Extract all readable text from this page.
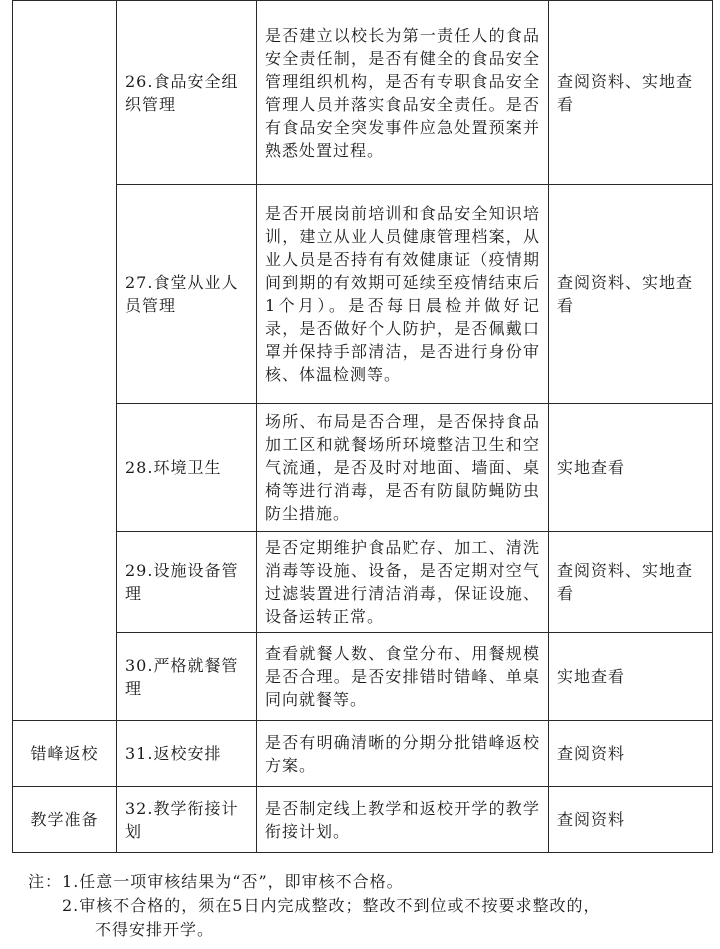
	26.食品安全组织管理	是否建立以校长为第一责任人的食品安全责任制，是否有健全的食品安全管理组织机构，是否有专职食品安全管理人员并落实食品安全责任。是否有食品安全突发事件应急处置预案并熟悉处置过程。	查阅资料、实地查看
	27.食堂从业人员管理	是否开展岗前培训和食品安全知识培训，建立从业人员健康管理档案，从业人员是否持有有效健康证（疫情期间到期的有效期可延续至疫情结束后1个月）。是否每日晨检并做好记录，是否做好个人防护，是否佩戴口罩并保持手部清洁，是否进行身份审核、体温检测等。	查阅资料、实地查看
	28.环境卫生	场所、布局是否合理，是否保持食品加工区和就餐场所环境整洁卫生和空气流通，是否及时对地面、墙面、桌椅等进行消毒，是否有防鼠防蝇防虫防尘措施。	实地查看
	29.设施设备管理	是否定期维护食品贮存、加工、清洗消毒等设施、设备，是否定期对空气过滤装置进行清洁消毒，保证设施、设备运转正常。	查阅资料、实地查看
	30.严格就餐管理	查看就餐人数、食堂分布、用餐规模是否合理。是否安排错时错峰、单桌同向就餐等。	实地查看
错峰返校	31.返校安排	是否有明确清晰的分期分批错峰返校方案。	查阅资料
教学准备	32.教学衔接计划	是否制定线上教学和返校开学的教学衔接计划。	查阅资料
注：1.任意一项审核结果为“否”，即审核不合格。
2.审核不合格的，须在5日内完成整改；整改不到位或不按要求整改的，
不得安排开学。
